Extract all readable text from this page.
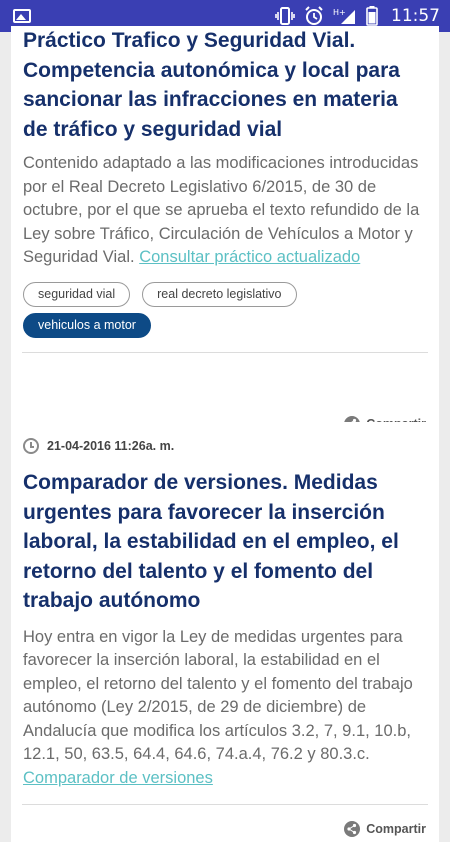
H+	11:57
Práctico Trafico y Seguridad Vial. Competencia autonómica y local para sancionar las infracciones en materia de tráfico y seguridad vial
Contenido adaptado a las modificaciones introducidas por el Real Decreto Legislativo 6/2015, de 30 de octubre, por el que se aprueba el texto refundido de la Ley sobre Tráfico, Circulación de Vehículos a Motor y Seguridad Vial. Consultar práctico actualizado
seguridad vial	real decreto legislativo
vehiculos a motor
21-04-2016 11:26a. m.
Comparador de versiones. Medidas urgentes para favorecer la inserción laboral, la estabilidad en el empleo, el retorno del talento y el fomento del trabajo autónomo
Hoy entra en vigor la Ley de medidas urgentes para favorecer la inserción laboral, la estabilidad en el empleo, el retorno del talento y el fomento del trabajo autónomo (Ley 2/2015, de 29 de diciembre) de Andalucía que modifica los artículos 3.2, 7, 9.1, 10.b, 12.1, 50, 63.5, 64.4, 64.6, 74.a.4, 76.2 y 80.3.c. Comparador de versiones
Compartir
